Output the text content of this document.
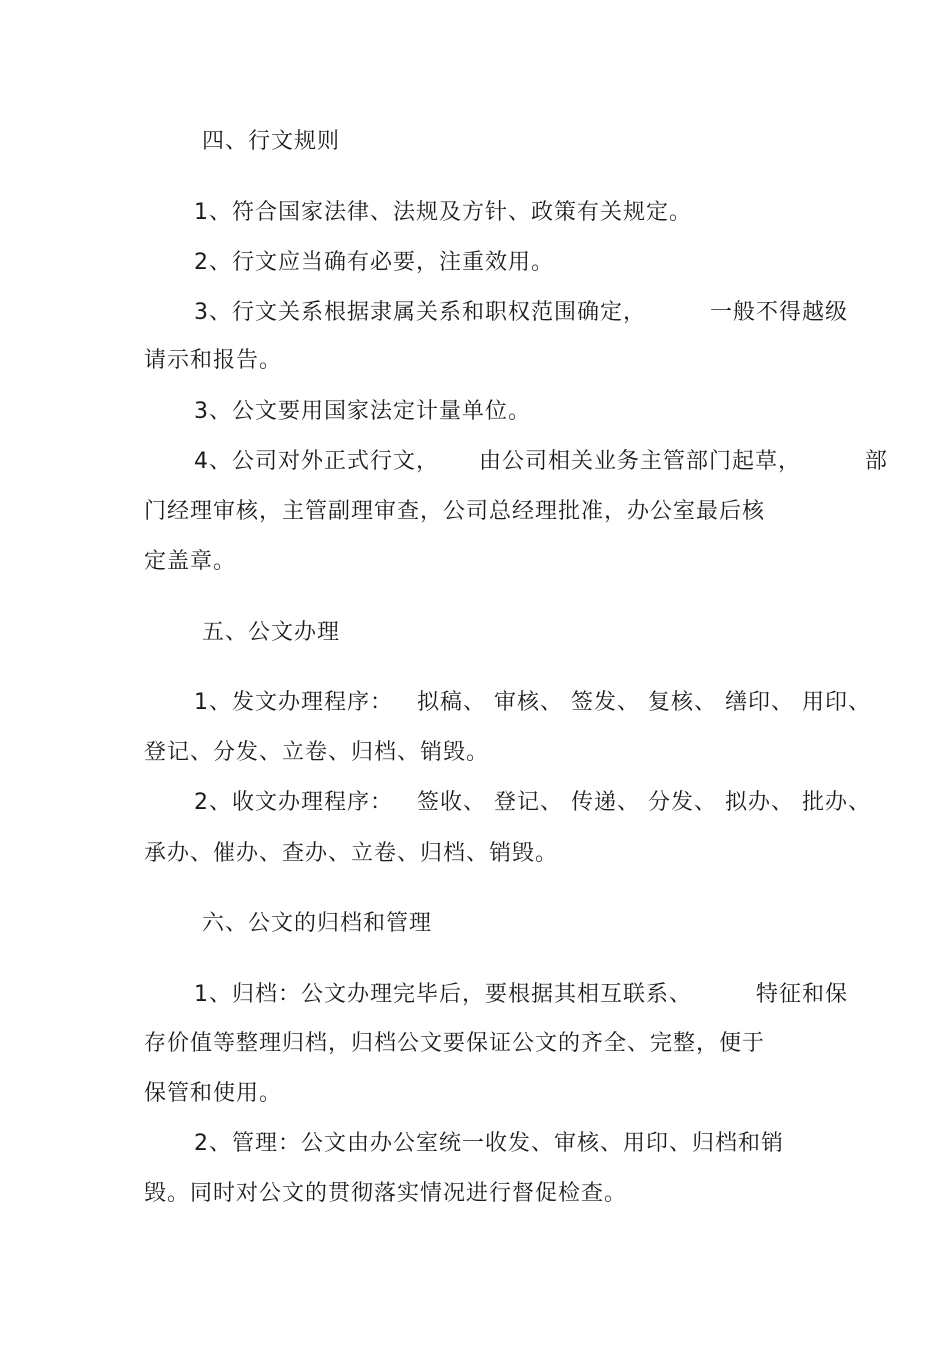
四、行文规则
1、符合国家法律、法规及方针、政策有关规定。
2、行文应当确有必要，注重效用。
3、行文关系根据隶属关系和职权范围确定，        一般不得越级
请示和报告。
3、公文要用国家法定计量单位。
4、公司对外正式行文，     由公司相关业务主管部门起草，        部
门经理审核，主管副理审查，公司总经理批准，办公室最后核
定盖章。
五、公文办理
1、发文办理程序：   拟稿、 审核、 签发、 复核、 缮印、 用印、
登记、分发、立卷、归档、销毁。
2、收文办理程序：   签收、 登记、 传递、 分发、 拟办、 批办、
承办、催办、查办、立卷、归档、销毁。
六、公文的归档和管理
1、归档：公文办理完毕后，要根据其相互联系、        特征和保
存价值等整理归档，归档公文要保证公文的齐全、完整，便于
保管和使用。
2、管理：公文由办公室统一收发、审核、用印、归档和销
毁。同时对公文的贯彻落实情况进行督促检查。
